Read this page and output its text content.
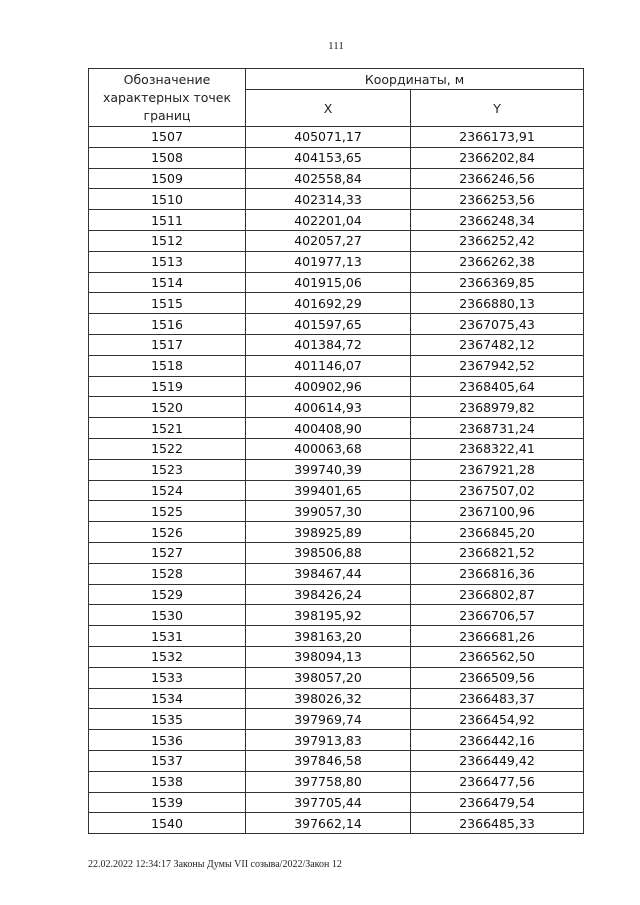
111
Обозначение
характерных точек
границ	Координаты, м	
	X	Y
1507	405071,17	2366173,91
1508	404153,65	2366202,84
1509	402558,84	2366246,56
1510	402314,33	2366253,56
1511	402201,04	2366248,34
1512	402057,27	2366252,42
1513	401977,13	2366262,38
1514	401915,06	2366369,85
1515	401692,29	2366880,13
1516	401597,65	2367075,43
1517	401384,72	2367482,12
1518	401146,07	2367942,52
1519	400902,96	2368405,64
1520	400614,93	2368979,82
1521	400408,90	2368731,24
1522	400063,68	2368322,41
1523	399740,39	2367921,28
1524	399401,65	2367507,02
1525	399057,30	2367100,96
1526	398925,89	2366845,20
1527	398506,88	2366821,52
1528	398467,44	2366816,36
1529	398426,24	2366802,87
1530	398195,92	2366706,57
1531	398163,20	2366681,26
1532	398094,13	2366562,50
1533	398057,20	2366509,56
1534	398026,32	2366483,37
1535	397969,74	2366454,92
1536	397913,83	2366442,16
1537	397846,58	2366449,42
1538	397758,80	2366477,56
1539	397705,44	2366479,54
1540	397662,14	2366485,33
22.02.2022 12:34:17 Законы Думы VII созыва/2022/Закон 12
